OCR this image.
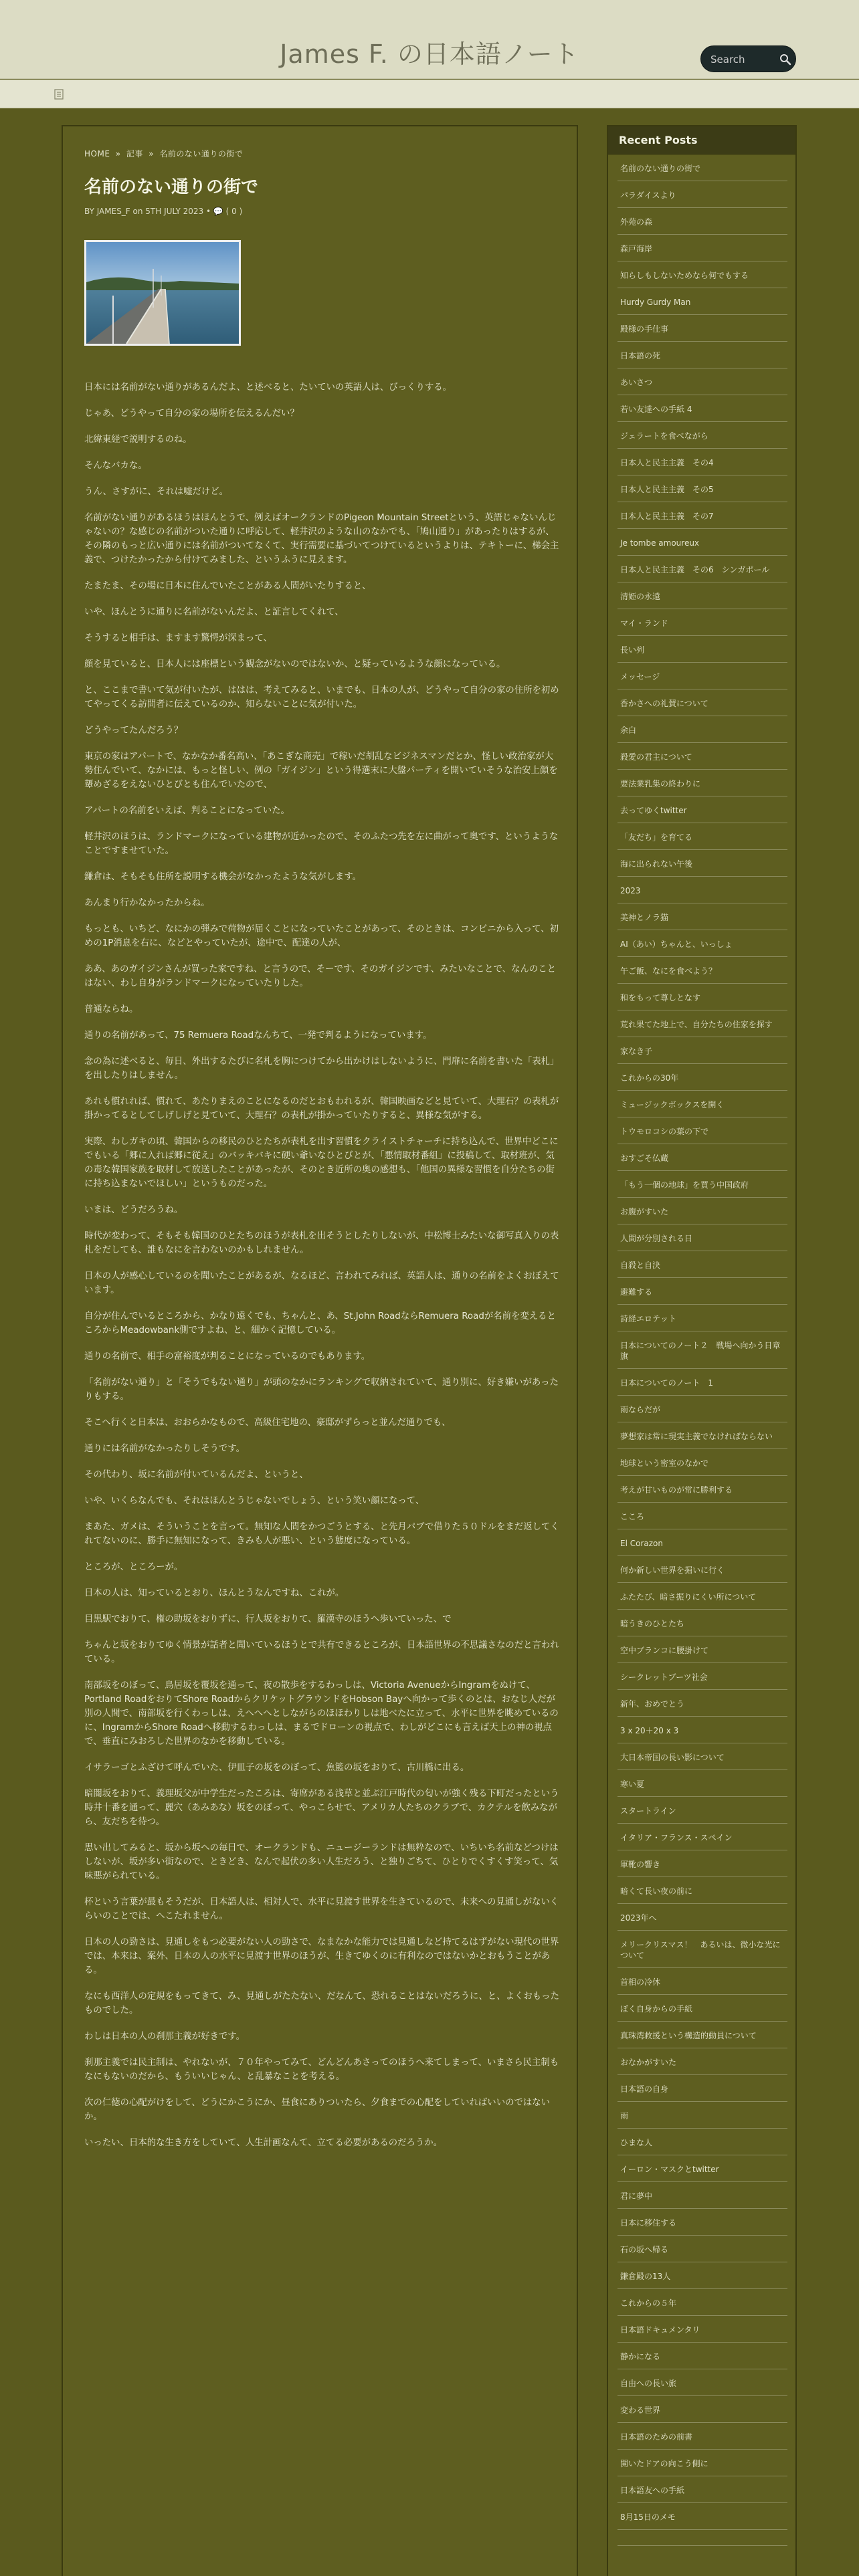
James F. の日本語ノート
Search
HOME » 記事 » 名前のない通りの街で
名前のない通りの街で
BY JAMES_F on 5TH JULY 2023 • 💬 ( 0 )

日本には名前がない通りがあるんだよ、と述べると、たいていの英語人は、びっくりする。

じゃあ、どうやって自分の家の場所を伝えるんだい？

北緯東経で説明するのね。

そんなバカな。

うん、さすがに、それは嘘だけど。

名前がない通りがあるほうはほんとうで、例えばオークランドのPigeon Mountain Streetという、英語じゃないんじゃないの？な感じの名前がついた通りに呼応して、軽井沢のような山のなかでも、「鳩山通り」があったりはするが、その隣のもっと広い通りには名前がついてなくて、実行需要に基づいてつけているというよりは、テキトーに、梯会主義で、つけたかったから付けてみました、というふうに見えます。

たまたま、その場に日本に住んでいたことがある人間がいたりすると、

いや、ほんとうに通りに名前がないんだよ、と証言してくれて、

そうすると相手は、ますます驚愕が深まって、

顔を見ていると、日本人には座標という観念がないのではないか、と疑っているような顔になっている。

と、ここまで書いて気が付いたが、ははは、考えてみると、いまでも、日本の人が、どうやって自分の家の住所を初めてやってくる訪問者に伝えているのか、知らないことに気が付いた。

どうやってたんだろう？

東京の家はアパートで、なかなか番名高い、「あこぎな商売」で稼いだ胡乱なビジネスマンだとか、怪しい政治家が大勢住んでいて、なかには、もっと怪しい、例の「ガイジン」という得選末に大盤パーティを開いていそうな治安上顔を顰めざるをえないひとびとも住んでいたので、

アパートの名前をいえば、判ることになっていた。

軽井沢のほうは、ランドマークになっている建物が近かったので、そのふたつ先を左に曲がって奥です、というようなことですませていた。

鎌倉は、そもそも住所を説明する機会がなかったような気がします。

あんまり行かなかったからね。

もっとも、いちど、なにかの弾みで荷物が届くことになっていたことがあって、そのときは、コンビニから入って、初めの1P消息を右に、などとやっていたが、途中で、配達の人が、

ああ、あのガイジンさんが買った家ですね、と言うので、そーです、そのガイジンです、みたいなことで、なんのことはない、わし自身がランドマークになっていたりした。

普通ならね。

通りの名前があって、75 Remuera Roadなんちて、一発で判るようになっています。

念の為に述べると、毎日、外出するたびに名札を胸につけてから出かけはしないように、門扉に名前を書いた「表札」を出したりはしません。

あれも慣れれば、慣れて、あたりまえのことになるのだとおもわれるが、韓国映画などと見ていて、大理石？の表札が掛かってるとしてしげしげと見ていて、大理石？の表札が掛かっていたりすると、異様な気がする。

実際、わしガキの頃、韓国からの移民のひとたちが表札を出す習慣をクライストチャーチに持ち込んで、世界中どこにでもいる「郷に入れば郷に従え」のバッキバキに硬い爺いなひとびとが、「悪情取材番組」に投稿して、取材班が、気の毒な韓国家族を取材して放送したことがあったが、そのとき近所の奥の感想も、「他国の異様な習慣を自分たちの街に持ち込まないでほしい」というものだった。

いまは、どうだろうね。

時代が変わって、そもそも韓国のひとたちのほうが表札を出そうとしたりしないが、中松博士みたいな御写真入りの表札をだしても、誰もなにを言わないのかもしれません。

日本の人が感心しているのを聞いたことがあるが、なるほど、言われてみれば、英語人は、通りの名前をよくおぼえています。

自分が住んでいるところから、かなり遠くでも、ちゃんと、あ、St.John RoadならRemuera Roadが名前を変えるところからMeadowbank側ですよね、と、細かく記憶している。

通りの名前で、相手の富裕度が判ることになっているのでもあります。

「名前がない通り」と「そうでもない通り」が頭のなかにランキングで収納されていて、通り別に、好き嫌いがあったりもする。

そこへ行くと日本は、おおらかなもので、高級住宅地の、豪邸がずらっと並んだ通りでも、

通りには名前がなかったりしそうです。

その代わり、坂に名前が付いているんだよ、というと、

いや、いくらなんでも、それはほんとうじゃないでしょう、という笑い顔になって、

まあた、ガメは、そういうことを言って。無知な人間をかつごうとする、と先月パブで借りた５０ドルをまだ返してくれてないのに、勝手に無知になって、きみも人が悪い、という態度になっている。

ところが、ところーが。

日本の人は、知っているとおり、ほんとうなんですね、これが。

目黒駅でおりて、権の助坂をおりずに、行人坂をおりて、羅漢寺のほうへ歩いていった、で

ちゃんと坂をおりてゆく情景が話者と聞いているほうとで共有できるところが、日本語世界の不思議さなのだと言われている。

南部坂をのぼって、鳥居坂を覆坂を通って、夜の散歩をするわっしは、Victoria AvenueからIngramをぬけて、Portland RoadをおりてShore RoadからクリケットグラウンドをHobson Bayへ向かって歩くのとは、おなじ人だが別の人間で、南部坂を行くわっしは、えへへへとしながらのほほわりしは地べたに立って、水平に世界を眺めているのに、IngramからShore Roadへ移動するわっしは、まるでドローンの視点で、わしがどこにも言えば天上の神の視点で、垂直にみおろした世界のなかを移動している。

イサラーゴとふざけて呼んでいた、伊皿子の坂をのぼって、魚籃の坂をおりて、古川橋に出る。

暗闇坂をおりて、義理坂父が中学生だったころは、寄席がある浅草と並ぶ江戸時代の匂いが強く残る下町だったという時井十番を通って、麗穴（あみあな）坂をのぼって、やっこらせで、アメリカ人たちのクラブで、カクテルを飲みながら、友だちを待つ。

思い出してみると、坂から坂への毎日で、オークランドも、ニュージーランドは無粋なので、いちいち名前などつけはしないが、坂が多い街なので、ときどき、なんで起伏の多い人生だろう、と独りごちて、ひとりでくすくす笑って、気味悪がられている。

杯という言葉が最もそうだが、日本語人は、相対人で、水平に見渡す世界を生きているので、未来への見通しがないくらいのことでは、へこたれません。

日本の人の勁さは、見通しをもつ必要がない人の勁さで、なまなかな能力では見通しなど持てるはずがない現代の世界では、本来は、案外、日本の人の水平に見渡す世界のほうが、生きてゆくのに有利なのではないかとおもうことがある。

なにも西洋人の定規をもってきて、み、見通しがたたない、だなんて、恐れることはないだろうに、と、よくおもったものでした。

わしは日本の人の刹那主義が好きです。

刹那主義では民主制は、やれないが、７０年やってみて、どんどんあさってのほうへ来てしまって、いまさら民主制もなにもないのだから、もういいじゃん、と乱暴なことを考える。

次の仁徳の心配がけをして、どうにかこうにか、昼食にありついたら、夕食までの心配をしていればいいのではないか。

いったい、日本的な生き方をしていて、人生計画なんて、立てる必要があるのだろうか。

Recent Posts
名前のない通りの街で
パラダイスより
外苑の森
森戸海岸
知らしもしないためなら何でもする
Hurdy Gurdy Man
殿様の手仕事
日本語の死
あいさつ
若い友達への手紙 4
ジェラートを食べながら
日本人と民主主義　その4
日本人と民主主義　その5
日本人と民主主義　その7
Je tombe amoureux
日本人と民主主義　その6　シンガポール
清姫の永遠
マイ・ランド
長い列
メッセージ
香かさへの礼賛について
余白
殺愛の君主について
要法業乳集の終わりに
去ってゆくtwitter
「友だち」を育てる
海に出られない午後
2023
美神とノラ猫
AI（あい）ちゃんと、いっしょ
午ご飯、なにを食べよう？
和をもって尊しとなす
荒れ果てた地上で、自分たちの住家を探す
家なき子
これからの30年
ミュージックボックスを開く
トウモロコシの葉の下で
おすごそ仏蔵
「もう一個の地球」を買う中国政府
お腹がすいた
人間が分別される日
自殺と自決
避難する
詩経エロテット
日本についてのノート２　戦場へ向かう日章旗
日本についてのノート　1
雨ならだが
夢想家は常に現実主義でなければならない
地球という密室のなかで
考えが甘いものが常に勝利する
こころ
El Corazon
何か新しい世界を掘いに行く
ふたたび、暗さ振りにくい所について
暗うきのひとたち
空中ブランコに腰掛けて
シークレットブーツ社会
新年、おめでとう
3 x 20＋20 x 3
大日本帝国の長い影について
寒い夏
スタートライン
イタリア・フランス・スペイン
軍靴の響き
暗くて長い夜の前に
2023年へ
メリークリスマス！　あるいは、微小な光について
首相の冷休
ぼく自身からの手紙
真珠湾救援という構造的動員について
おなかがすいた
日本語の自身
雨
ひまな人
イーロン・マスクとtwitter
君に夢中
日本に移住する
石の坂へ帰る
鎌倉殿の13人
これからの５年
日本語ドキュメンタリ
静かになる
自由への長い旅
変わる世界
日本語のための前書
開いたドアの向こう側に
日本語友への手紙
8月15日のメモ
